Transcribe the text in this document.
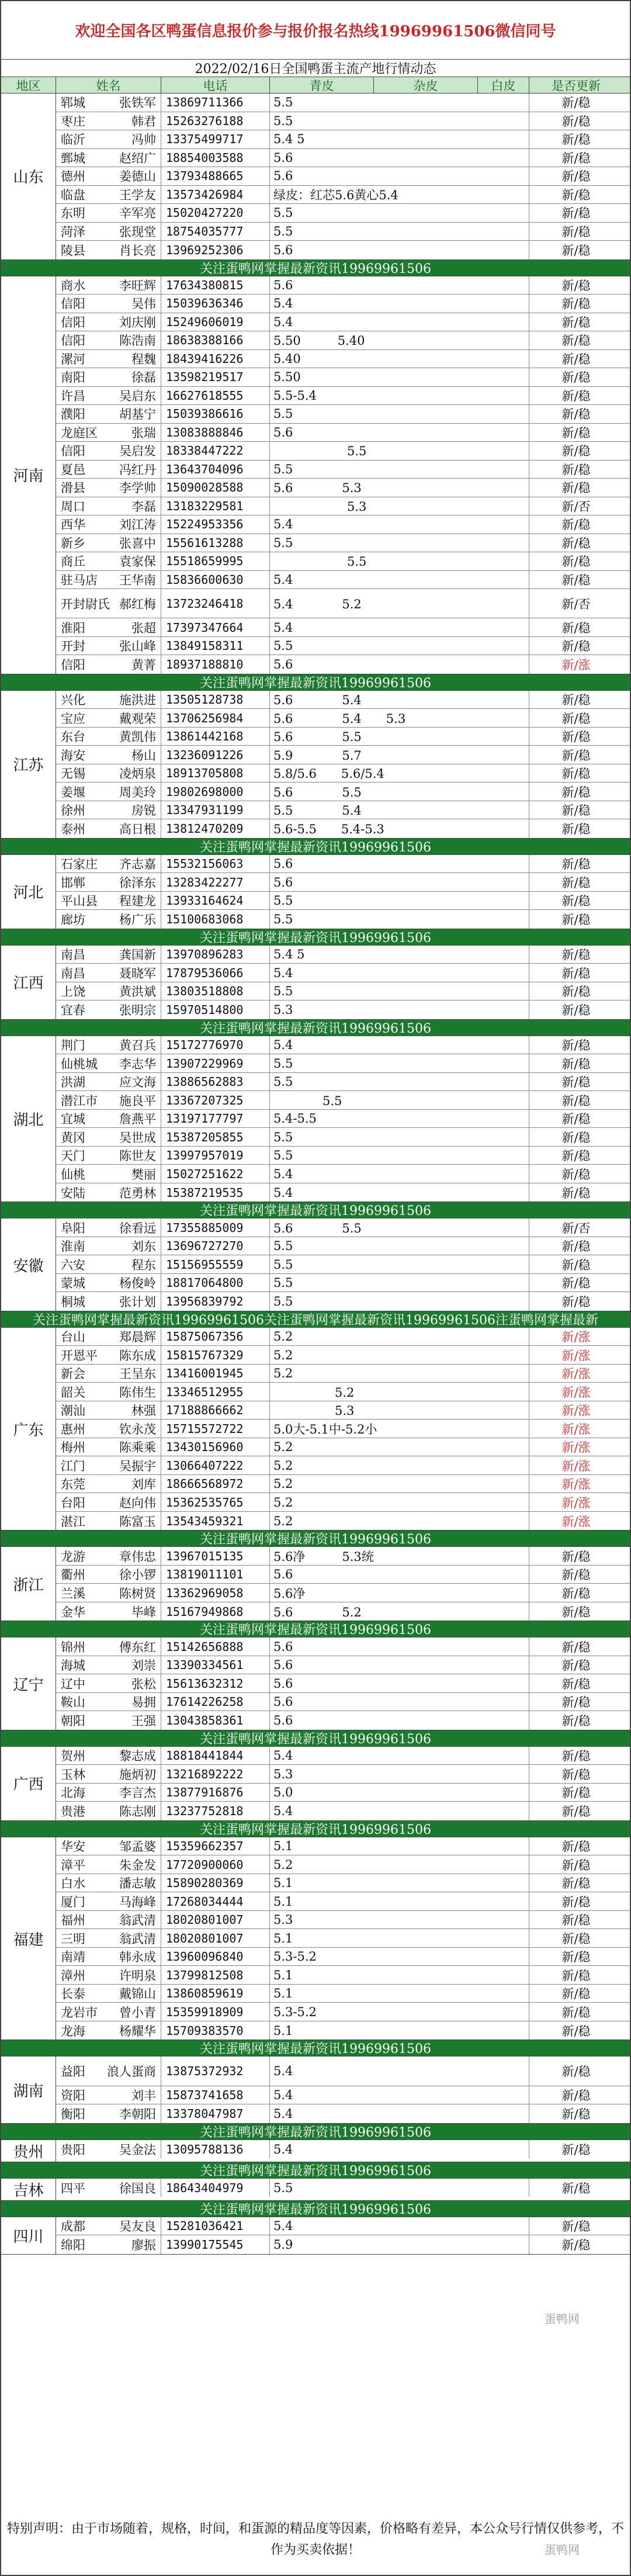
欢迎全国各区鸭蛋信息报价参与报价报名热线19969961506微信同号
2022/02/16日全国鸭蛋主流产地行情动态
地区	姓名	电话	青皮	杂皮	白皮	是否更新
山东
郓城	张铁军 13869711366	5.5	新/稳
枣庄	韩君 15263276188	5.5	新/稳
临沂	冯帅 13375499717	5.4 5	新/稳
鄄城	赵绍广 18854003588	5.6	新/稳
德州	姜德山 13793488665	5.6	新/稳
临盘	王学友 13573426984	绿皮：红芯5.6黄心5.4	新/稳
东明	辛军亮 15020427220	5.5	新/稳
菏泽	张现堂 18754035777	5.5	新/稳
陵县	肖长亮 13969252306	5.6	新/稳
关注蛋鸭网掌握最新资讯19969961506
河南
商水	李旺辉 17634380815	5.6	新/稳
信阳	吴伟 15039636346	5.4	新/稳
信阳	刘庆刚 15249606019	5.4	新/稳
信阳	陈浩南 18638388166	5.50　　　5.40	新/稳
漯河	程魏 18439416226	5.40	新/稳
南阳	徐磊 13598219517	5.50	新/稳
许昌	吴启东 16627618555	5.5-5.4	新/稳
濮阳	胡基宁 15039386616	5.5	新/稳
龙庭区	张瑞 13083888846	5.6	新/稳
信阳	吴启发 18338447222	　　　　　　5.5	新/稳
夏邑	冯红丹 13643704096	5.5	新/稳
滑县	李学帅 15090028588	5.6　　　　5.3	新/稳
周口	李磊 13183229581	　　　　　　5.3	新/否
西华	刘江涛 15224953356	5.4	新/稳
新乡	张喜中 15561613288	5.5	新/稳
商丘	袁家保 15518659995	　　　　　　5.5	新/稳
驻马店 王华南 15836600630	5.4	新/稳
开封尉氏 郝红梅 13723246418	5.4　　　　5.2	新/否
淮阳	张超 17397347664	5.4	新/稳
开封	张山峰 13849158311	5.5	新/稳
信阳	黄菁 18937188810	5.6	新/涨
关注蛋鸭网掌握最新资讯19969961506
江苏
兴化	施洪进 13505128738	5.6　　　　5.4	新/稳
宝应	戴观荣 13706256984	5.6　　　　5.4　　5.3	新/稳
东台	黄凯伟 13861442168	5.6　　　　5.5	新/稳
海安	杨山 13236091226	5.9　　　　5.7	新/稳
无锡	凌炳泉 18913705808	5.8/5.6　　5.6/5.4	新/稳
姜堰	周美玲 19802698000	5.6　　　　5.5	新/稳
徐州	房锐 13347931199	5.5　　　　5.4	新/稳
泰州	高日根 13812470209	5.6-5.5　　5.4-5.3	新/稳
关注蛋鸭网掌握最新资讯19969961506
河北
石家庄 齐志嘉 15532156063	5.6	新/稳
邯郸	徐泽东 13283422277	5.6	新/稳
平山县 程建龙 13933164624	5.5	新/稳
廊坊	杨广乐 15100683068	5.5	新/稳
关注蛋鸭网掌握最新资讯19969961506
江西
南昌	龚国新 13970896283	5.4 5	新/稳
南昌	聂晓军 17879536066	5.4	新/稳
上饶	黄洪斌 13803518808	5.5	新/稳
宜春	张明宗 15970514800	5.3	新/稳
关注蛋鸭网掌握最新资讯19969961506
湖北
荆门	黄召兵 15172776970	5.4	新/稳
仙桃城 李志华 13907229969	5.5	新/稳
洪湖	应文海 13886562883	5.5	新/稳
潜江市 施良平 13367207325	　　　　5.5	新/稳
宜城	詹燕平 13197177797	5.4-5.5	新/稳
黄冈	吴世成 15387205855	5.5	新/稳
天门	陈世友 13997957019	5.5	新/稳
仙桃	樊丽 15027251622	5.4	新/稳
安陆	范勇林 15387219535	5.4	新/稳
关注蛋鸭网掌握最新资讯19969961506
安徽
阜阳	徐看远 17355885009	5.6　　　　5.5	新/否
淮南	刘东 13696727270	5.5	新/稳
六安	程东 15156955559	5.5	新/稳
蒙城	杨俊岭 18817064800	5.5	新/稳
桐城	张计划 13956839792	5.5	新/稳
关注蛋鸭网掌握最新资讯19969961506关注蛋鸭网掌握最新资讯19969961506注蛋鸭网掌握最新
广东
台山	郑晨辉 15875067356	5.2	新/涨
开恩平 陈东成 15815767329	5.2	新/涨
新会	王呈东 13416001945	5.2	新/涨
韶关	陈伟生 13346512955	　　　　　5.2	新/涨
潮汕	林强 17188866662	　　　　　5.3	新/涨
惠州	钦永茂 15715572722	5.0大-5.1中-5.2小	新/涨
梅州	陈乘乘 13430156960	5.2	新/涨
江门	吴振宇 13066407222	5.2	新/涨
东莞	刘库 18666568972	5.2	新/涨
台阳	赵向伟 15362535765	5.2	新/涨
湛江	陈富玉 13543459321	5.2	新/涨
关注蛋鸭网掌握最新资讯19969961506
浙江
龙游	章伟忠 13967015135	5.6净　　　5.3统	新/稳
衢州	徐小锣 13819011101	5.6	新/稳
兰溪	陈树贤 13362969058	5.6净	新/稳
金华	毕峰 15167949868	5.6　　　　5.2	新/稳
关注蛋鸭网掌握最新资讯19969961506
辽宁
锦州	傅东红 15142656888	5.6	新/稳
海城	刘崇 13390334561	5.6	新/稳
辽中	张松 15613632312	5.6	新/稳
鞍山	易拥 17614226258	5.6	新/稳
朝阳	王强 13043858361	5.6	新/稳
关注蛋鸭网掌握最新资讯19969961506
广西
贺州	黎志成 18818441844	5.4	新/稳
玉林	施炳初 13216892222	5.3	新/稳
北海	李言杰 13877916876	5.0	新/稳
贵港	陈志刚 13237752818	5.4	新/稳
关注蛋鸭网掌握最新资讯19969961506
福建
华安	邹孟婆 15359662357	5.1	新/稳
漳平	朱金发 17720900060	5.2	新/稳
白水	潘志敏 15890280369	5.1	新/稳
厦门	马海峰 17268034444	5.1	新/稳
福州	翁武清 18020801007	5.3	新/稳
三明	翁武清 18020801007	5.1	新/稳
南靖	韩永成 13960096840	5.3-5.2	新/稳
漳州	许明泉 13799812508	5.1	新/稳
长泰	戴锦山 13860859619	5.1	新/稳
龙岩市 曾小青 15359918909	5.3-5.2	新/稳
龙海	杨耀华 15709383570	5.1	新/稳
关注蛋鸭网掌握最新资讯19969961506
湖南
益阳 浪人蛋商 13875372932	5.4	新/稳
资阳	刘丰 15873741658	5.4	新/稳
衡阳	李朝阳 13378047987	5.4	新/稳
关注蛋鸭网掌握最新资讯19969961506
贵州	贵阳	吴金法 13095788136	5.4	新/稳
关注蛋鸭网掌握最新资讯19969961506
吉林	四平	徐国良 18643404979	5.5	新/稳
关注蛋鸭网掌握最新资讯19969961506
四川
成都	吴友良 15281036421	5.4	新/稳
绵阳	廖振 13990175545	5.9	新/稳
特别声明：由于市场随着，规格，时间，和蛋源的精品度等因素，价格略有差异，本公众号行情仅供参考，不作为买卖依据！
蛋鸭网
蛋鸭网
